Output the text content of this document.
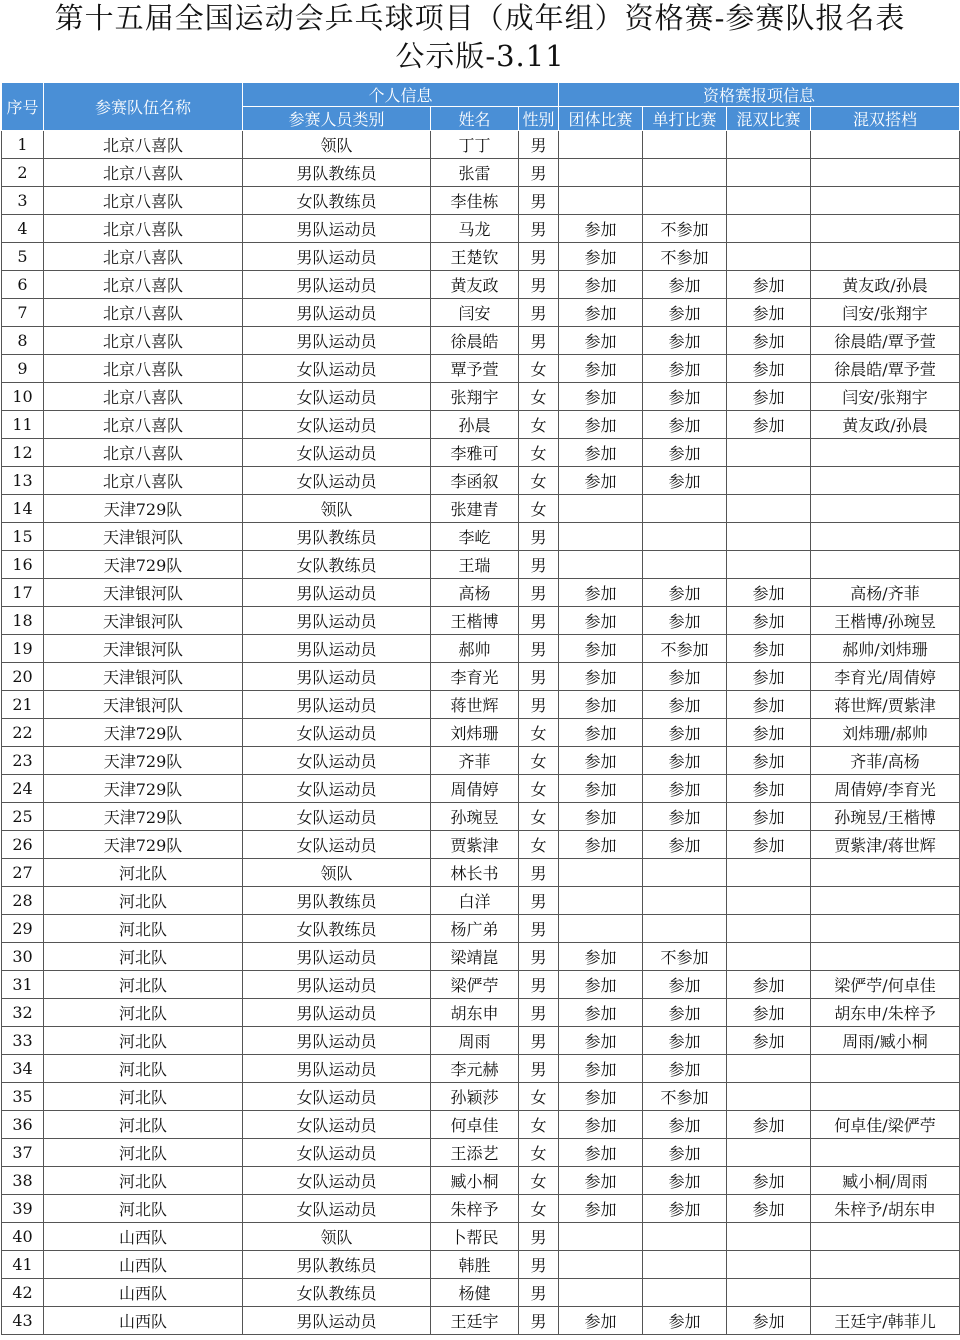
第十五届全国运动会乒乓球项目（成年组）资格赛-参赛队报名表
公示版-3.11
序号	参赛队伍名称	个人信息			资格赛报项信息			
		参赛人员类别	姓名	性别	团体比赛	单打比赛	混双比赛	混双搭档
1	北京八喜队	领队	丁丁	男				
2	北京八喜队	男队教练员	张雷	男				
3	北京八喜队	女队教练员	李佳栋	男				
4	北京八喜队	男队运动员	马龙	男	参加	不参加		
5	北京八喜队	男队运动员	王楚钦	男	参加	不参加		
6	北京八喜队	男队运动员	黄友政	男	参加	参加	参加	黄友政/孙晨
7	北京八喜队	男队运动员	闫安	男	参加	参加	参加	闫安/张翔宇
8	北京八喜队	男队运动员	徐晨皓	男	参加	参加	参加	徐晨皓/覃予萱
9	北京八喜队	女队运动员	覃予萱	女	参加	参加	参加	徐晨皓/覃予萱
10	北京八喜队	女队运动员	张翔宇	女	参加	参加	参加	闫安/张翔宇
11	北京八喜队	女队运动员	孙晨	女	参加	参加	参加	黄友政/孙晨
12	北京八喜队	女队运动员	李雅可	女	参加	参加		
13	北京八喜队	女队运动员	李函叙	女	参加	参加		
14	天津729队	领队	张建青	女				
15	天津银河队	男队教练员	李屹	男				
16	天津729队	女队教练员	王瑞	男				
17	天津银河队	男队运动员	高杨	男	参加	参加	参加	高杨/齐菲
18	天津银河队	男队运动员	王楷博	男	参加	参加	参加	王楷博/孙琬昱
19	天津银河队	男队运动员	郝帅	男	参加	不参加	参加	郝帅/刘炜珊
20	天津银河队	男队运动员	李育光	男	参加	参加	参加	李育光/周倩婷
21	天津银河队	男队运动员	蒋世辉	男	参加	参加	参加	蒋世辉/贾紫津
22	天津729队	女队运动员	刘炜珊	女	参加	参加	参加	刘炜珊/郝帅
23	天津729队	女队运动员	齐菲	女	参加	参加	参加	齐菲/高杨
24	天津729队	女队运动员	周倩婷	女	参加	参加	参加	周倩婷/李育光
25	天津729队	女队运动员	孙琬昱	女	参加	参加	参加	孙琬昱/王楷博
26	天津729队	女队运动员	贾紫津	女	参加	参加	参加	贾紫津/蒋世辉
27	河北队	领队	林长书	男				
28	河北队	男队教练员	白洋	男				
29	河北队	女队教练员	杨广弟	男				
30	河北队	男队运动员	梁靖崑	男	参加	不参加		
31	河北队	男队运动员	梁俨苧	男	参加	参加	参加	梁俨苧/何卓佳
32	河北队	男队运动员	胡东申	男	参加	参加	参加	胡东申/朱梓予
33	河北队	男队运动员	周雨	男	参加	参加	参加	周雨/臧小桐
34	河北队	男队运动员	李元赫	男	参加	参加		
35	河北队	女队运动员	孙颖莎	女	参加	不参加		
36	河北队	女队运动员	何卓佳	女	参加	参加	参加	何卓佳/梁俨苧
37	河北队	女队运动员	王添艺	女	参加	参加		
38	河北队	女队运动员	臧小桐	女	参加	参加	参加	臧小桐/周雨
39	河北队	女队运动员	朱梓予	女	参加	参加	参加	朱梓予/胡东申
40	山西队	领队	卜帮民	男				
41	山西队	男队教练员	韩胜	男				
42	山西队	女队教练员	杨健	男				
43	山西队	男队运动员	王廷宇	男	参加	参加	参加	王廷宇/韩菲儿
